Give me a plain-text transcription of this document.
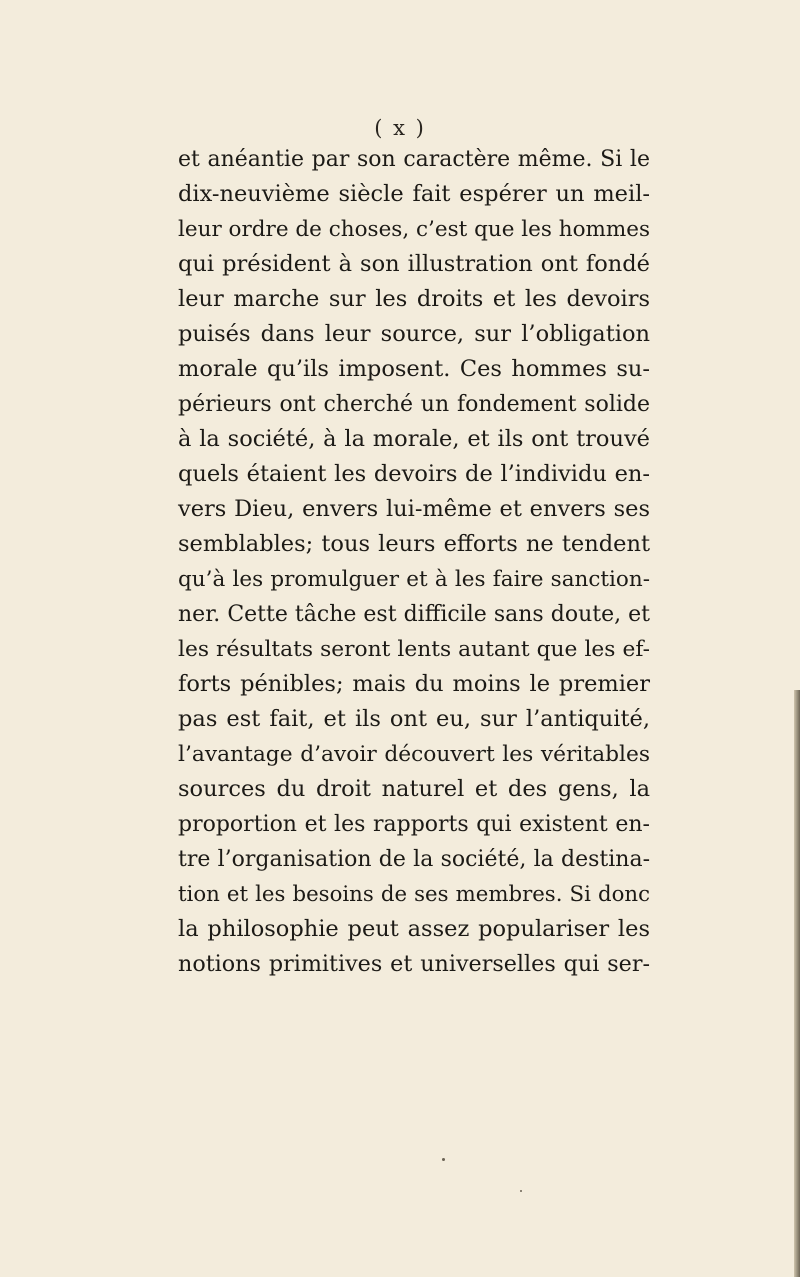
( x )
et anéantie par son caractère même. Si le
dix-neuvième siècle fait espérer un meil-
leur ordre de choses, c’est que les hommes
qui président à son illustration ont fondé
leur marche sur les droits et les devoirs
puisés dans leur source, sur l’obligation
morale qu’ils imposent. Ces hommes su-
périeurs ont cherché un fondement solide
à la société, à la morale, et ils ont trouvé
quels étaient les devoirs de l’individu en-
vers Dieu, envers lui-même et envers ses
semblables; tous leurs efforts ne tendent
qu’à les promulguer et à les faire sanction-
ner. Cette tâche est difficile sans doute, et
les résultats seront lents autant que les ef-
forts pénibles; mais du moins le premier
pas est fait, et ils ont eu, sur l’antiquité,
l’avantage d’avoir découvert les véritables
sources du droit naturel et des gens, la
proportion et les rapports qui existent en-
tre l’organisation de la société, la destina-
tion et les besoins de ses membres. Si donc
la philosophie peut assez populariser les
notions primitives et universelles qui ser-
